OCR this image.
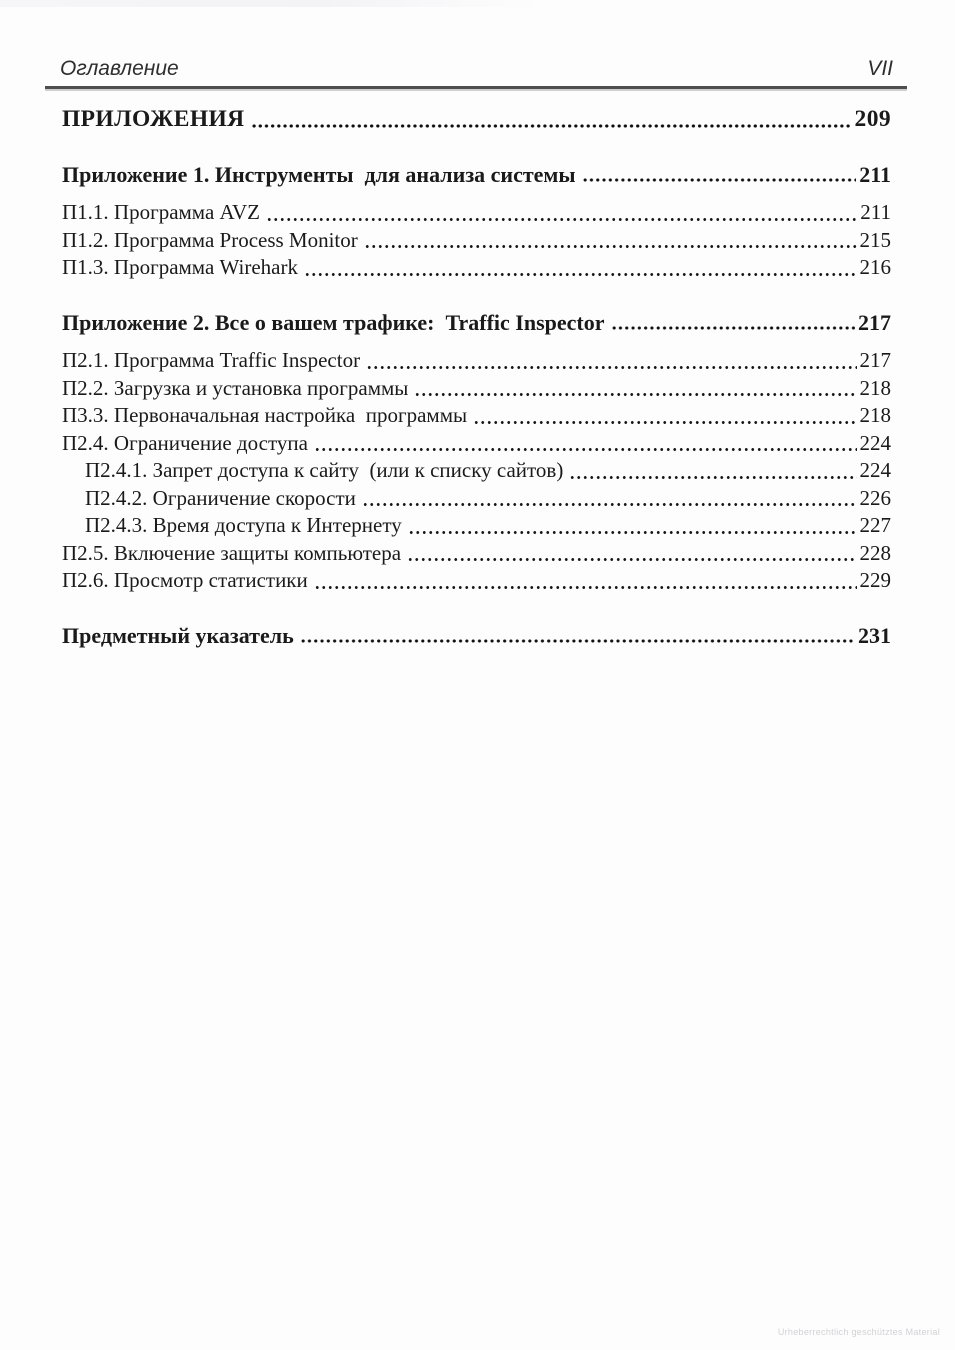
Оглавление	VII
ПРИЛОЖЕНИЯ	209
Приложение 1. Инструменты  для анализа системы	211
П1.1. Программа AVZ	211
П1.2. Программа Process Monitor	215
П1.3. Программа Wirehark	216
Приложение 2. Все о вашем трафике:  Traffic Inspector	217
П2.1. Программа Traffic Inspector	217
П2.2. Загрузка и установка программы	218
П3.3. Первоначальная настройка  программы	218
П2.4. Ограничение доступа	224
П2.4.1. Запрет доступа к сайту  (или к списку сайтов)	224
П2.4.2. Ограничение скорости	226
П2.4.3. Время доступа к Интернету	227
П2.5. Включение защиты компьютера	228
П2.6. Просмотр статистики	229
Предметный указатель	231
Urheberrechtlich geschütztes Material
